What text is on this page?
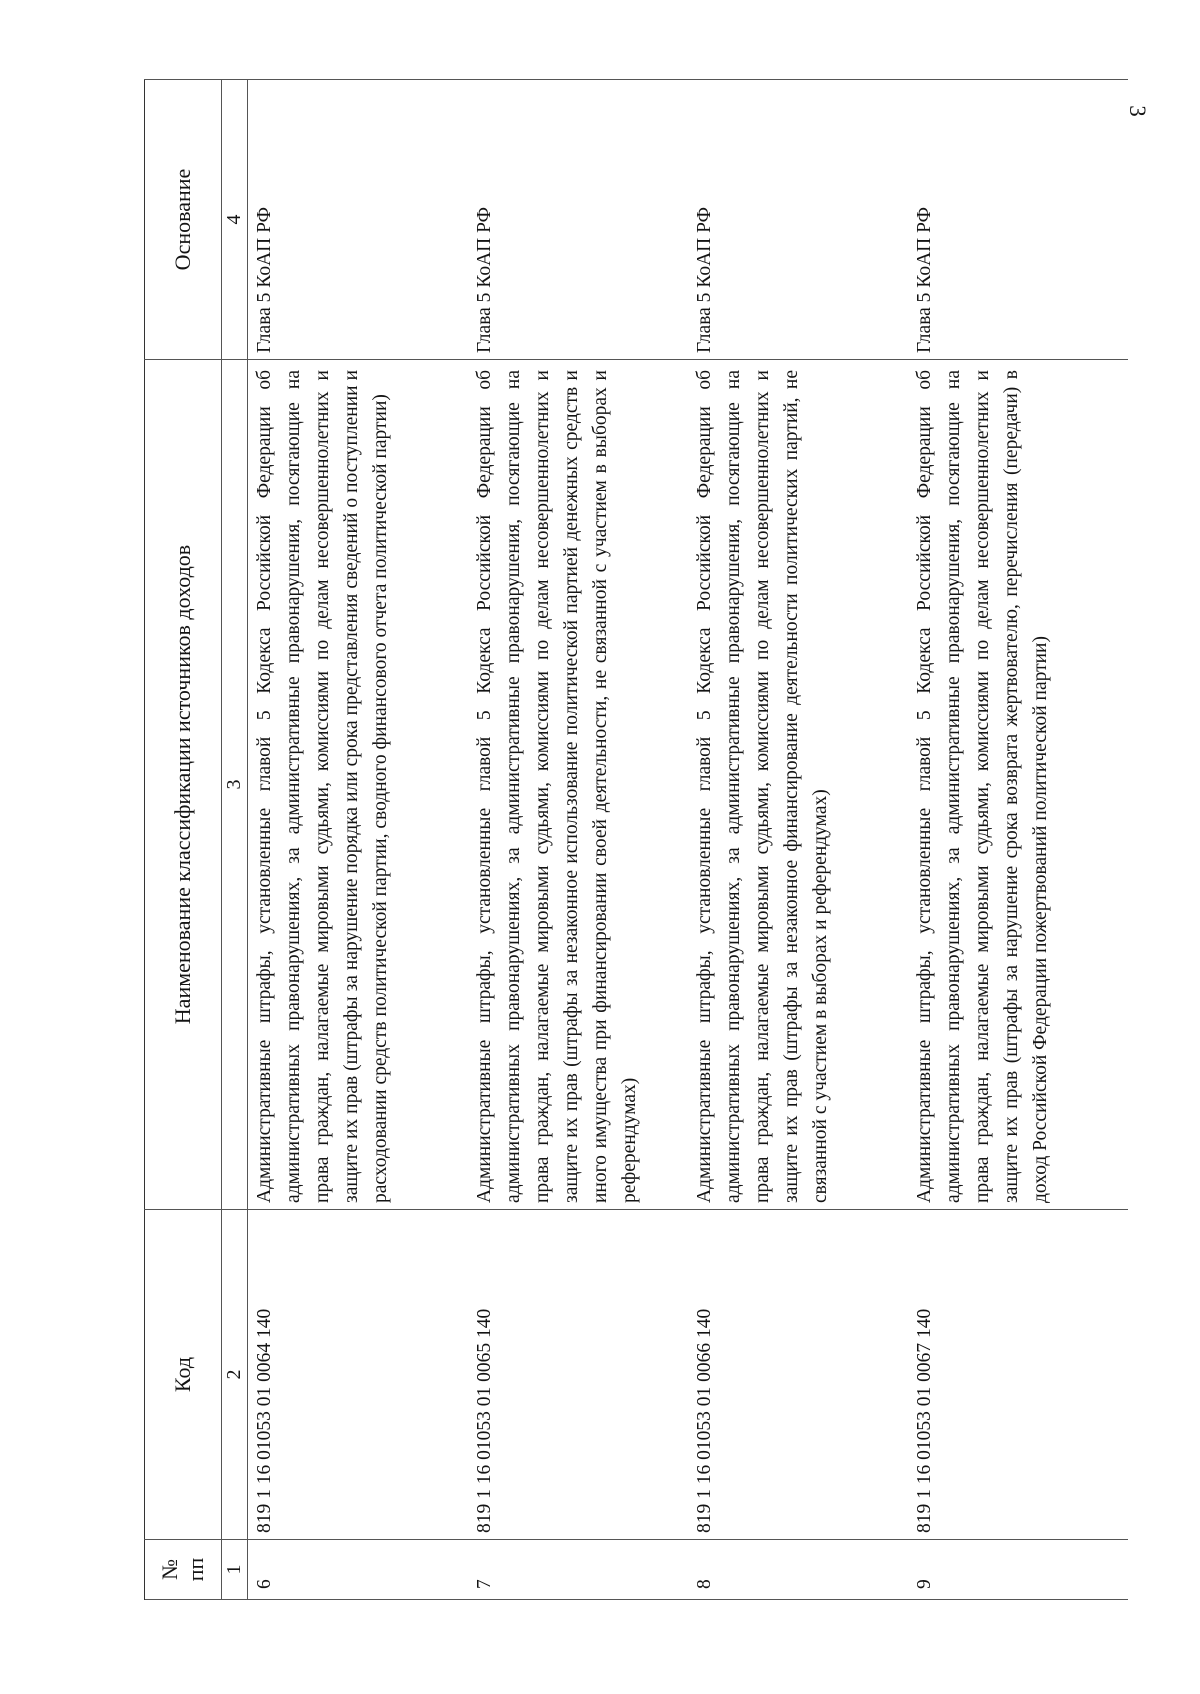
3
№ пп	Код	Наименование классификации источников доходов	Основание
1	2	3	4
6	819 1 16 01053 01 0064 140	Административные штрафы, установленные главой 5 Кодекса Российской Федерации об административных правонарушениях, за административные правонарушения, посягающие на права граждан, налагаемые мировыми судьями, комиссиями по делам несовершеннолетних и защите их прав (штрафы за нарушение порядка или срока представления сведений о поступлении и расходовании средств политической партии, сводного финансового отчета политической партии)	Глава 5 КоАП РФ
7	819 1 16 01053 01 0065 140	Административные штрафы, установленные главой 5 Кодекса Российской Федерации об административных правонарушениях, за административные правонарушения, посягающие на права граждан, налагаемые мировыми судьями, комиссиями по делам несовершеннолетних и защите их прав (штрафы за незаконное использование политической партией денежных средств и иного имущества при финансировании своей деятельности, не связанной с участием в выборах и референдумах)	Глава 5 КоАП РФ
8	819 1 16 01053 01 0066 140	Административные штрафы, установленные главой 5 Кодекса Российской Федерации об административных правонарушениях, за административные правонарушения, посягающие на права граждан, налагаемые мировыми судьями, комиссиями по делам несовершеннолетних и защите их прав (штрафы за незаконное финансирование деятельности политических партий, не связанной с участием в выборах и референдумах)	Глава 5 КоАП РФ
9	819 1 16 01053 01 0067 140	Административные штрафы, установленные главой 5 Кодекса Российской Федерации об административных правонарушениях, за административные правонарушения, посягающие на права граждан, налагаемые мировыми судьями, комиссиями по делам несовершеннолетних и защите их прав (штрафы за нарушение срока возврата жертвователю, перечисления (передачи) в доход Российской Федерации пожертвований политической партии)	Глава 5 КоАП РФ
